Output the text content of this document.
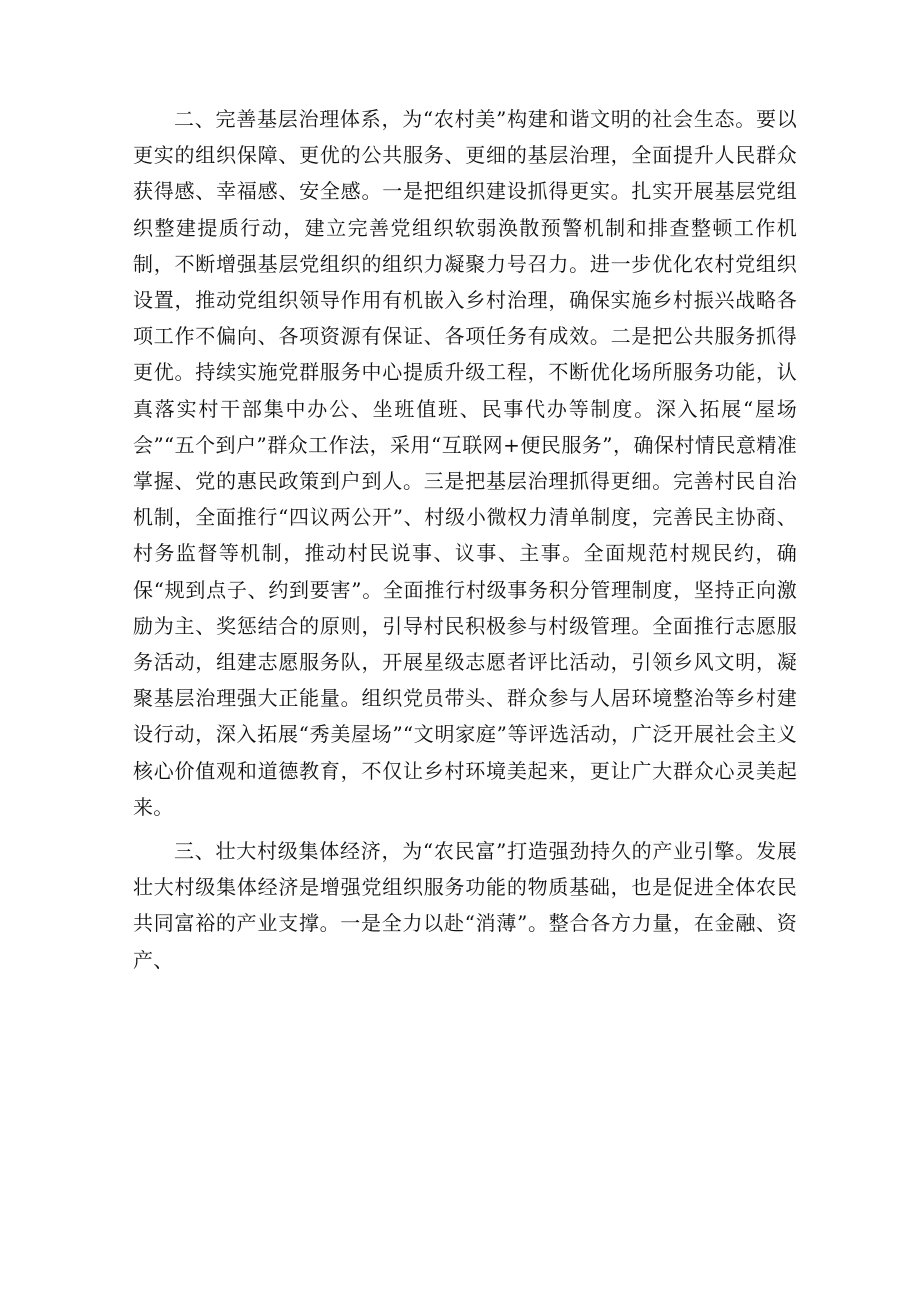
二、完善基层治理体系，为“农村美”构建和谐文明的社会生态。要以更实的组织保障、更优的公共服务、更细的基层治理，全面提升人民群众获得感、幸福感、安全感。一是把组织建设抓得更实。扎实开展基层党组织整建提质行动，建立完善党组织软弱涣散预警机制和排查整顿工作机制，不断增强基层党组织的组织力凝聚力号召力。进一步优化农村党组织设置，推动党组织领导作用有机嵌入乡村治理，确保实施乡村振兴战略各项工作不偏向、各项资源有保证、各项任务有成效。二是把公共服务抓得更优。持续实施党群服务中心提质升级工程，不断优化场所服务功能，认真落实村干部集中办公、坐班值班、民事代办等制度。深入拓展“屋场会”“五个到户”群众工作法，采用“互联网+便民服务”，确保村情民意精准掌握、党的惠民政策到户到人。三是把基层治理抓得更细。完善村民自治机制，全面推行“四议两公开”、村级小微权力清单制度，完善民主协商、村务监督等机制，推动村民说事、议事、主事。全面规范村规民约，确保“规到点子、约到要害”。全面推行村级事务积分管理制度，坚持正向激励为主、奖惩结合的原则，引导村民积极参与村级管理。全面推行志愿服务活动，组建志愿服务队，开展星级志愿者评比活动，引领乡风文明，凝聚基层治理强大正能量。组织党员带头、群众参与人居环境整治等乡村建设行动，深入拓展“秀美屋场”“文明家庭”等评选活动，广泛开展社会主义核心价值观和道德教育，不仅让乡村环境美起来，更让广大群众心灵美起来。

三、壮大村级集体经济，为“农民富”打造强劲持久的产业引擎。发展壮大村级集体经济是增强党组织服务功能的物质基础，也是促进全体农民共同富裕的产业支撑。一是全力以赴“消薄”。整合各方力量，在金融、资产、
